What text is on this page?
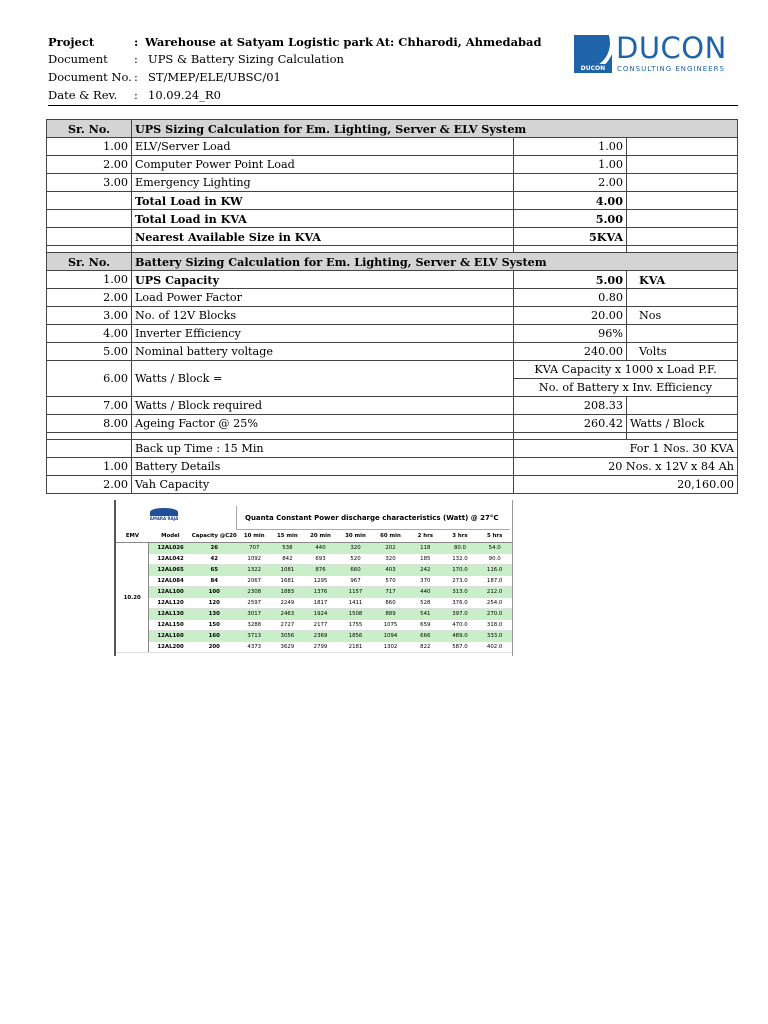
Project	: Warehouse at Satyam Logistic park At: Chharodi, Ahmedabad
Document : UPS & Battery Sizing Calculation
Document No. : ST/MEP/ELE/UBSC/01
Date & Rev. : 10.09.24_R0
DUCON
DUCON
CONSULTING ENGINEERS
Sr. No.	UPS Sizing Calculation for Em. Lighting, Server & ELV System		
1.00	ELV/Server Load	1.00	
2.00	Computer Power Point Load	1.00	
3.00	Emergency Lighting	2.00	
	Total Load in KW	4.00	
	Total Load in KVA	5.00	
	Nearest Available Size in KVA	5KVA	

Sr. No.	Battery Sizing Calculation for Em. Lighting, Server & ELV System		
1.00	UPS Capacity	5.00	KVA
2.00	Load Power Factor	0.80	
3.00	No. of 12V Blocks	20.00	Nos
4.00	Inverter Efficiency	96%	
5.00	Nominal battery voltage	240.00	Volts
6.00	Watts / Block =	KVA Capacity x 1000 x Load P.F.	
		No. of Battery x Inv. Efficiency	
7.00	Watts / Block required	208.33	
8.00	Ageing Factor @ 25%	260.42	Watts / Block

	Back up Time : 15 Min	For 1 Nos. 30 KVA	
1.00	Battery Details	20 Nos. x 12V x 84 Ah	
2.00	Vah Capacity	20,160.00	
AMARA RAJA	Quanta Constant Power discharge characteristics (Watt) @ 27°C
EMV	Model	Capacity @C20	10 min	15 min	20 min	30 min	60 min	2 hrs	3 hrs	5 hrs
10.20	12AL026	26	707	538	440	320	202	118	80.0	54.0
	12AL042	42	1092	842	693	520	320	185	132.0	90.0
	12AL065	65	1322	1081	876	660	403	242	170.0	116.0
	12AL084	84	2067	1681	1295	967	570	370	273.0	187.0
	12AL100	100	2308	1883	1376	1157	717	440	313.0	212.0
	12AL120	120	2597	2249	1817	1411	860	528	376.0	254.0
	12AL130	130	3017	2463	1924	1508	889	541	397.0	270.0
	12AL150	150	3288	2727	2177	1755	1075	659	470.0	318.0
	12AL160	160	3713	3056	2369	1856	1094	666	489.0	333.0
	12AL200	200	4373	3629	2799	2181	1302	822	587.0	402.0
